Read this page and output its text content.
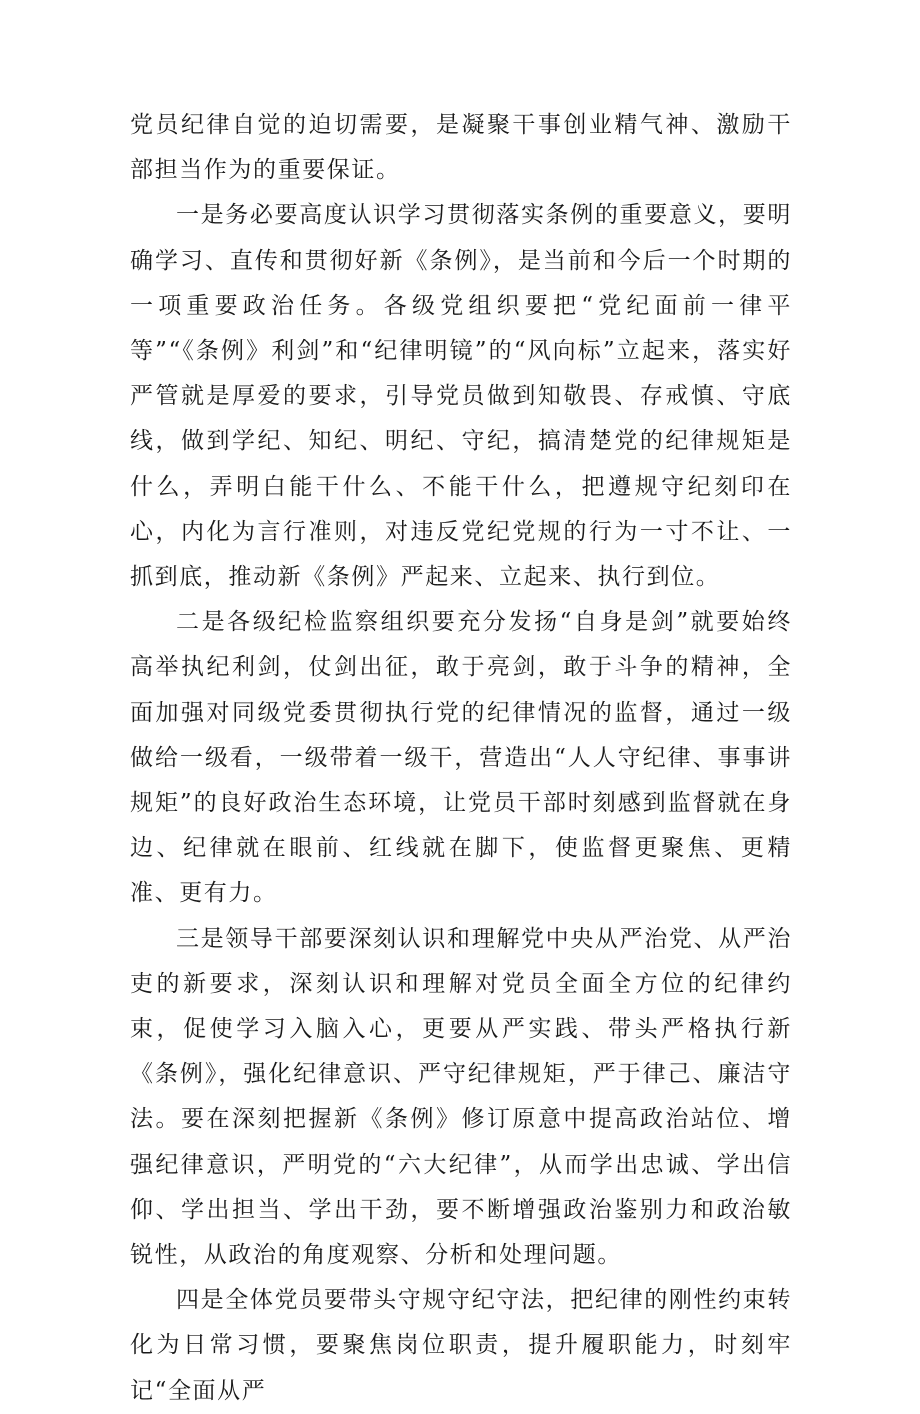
党员纪律自觉的迫切需要，是凝聚干事创业精气神、激励干部担当作为的重要保证。

一是务必要高度认识学习贯彻落实条例的重要意义，要明确学习、直传和贯彻好新《条例》，是当前和今后一个时期的一项重要政治任务。各级党组织要把“党纪面前一律平等”“《条例》利剑”和“纪律明镜”的“风向标”立起来，落实好严管就是厚爱的要求，引导党员做到知敬畏、存戒慎、守底线，做到学纪、知纪、明纪、守纪，搞清楚党的纪律规矩是什么，弄明白能干什么、不能干什么，把遵规守纪刻印在心，内化为言行准则，对违反党纪党规的行为一寸不让、一抓到底，推动新《条例》严起来、立起来、执行到位。

二是各级纪检监察组织要充分发扬“自身是剑”就要始终高举执纪利剑，仗剑出征，敢于亮剑，敢于斗争的精神，全面加强对同级党委贯彻执行党的纪律情况的监督，通过一级做给一级看，一级带着一级干，营造出“人人守纪律、事事讲规矩”的良好政治生态环境，让党员干部时刻感到监督就在身边、纪律就在眼前、红线就在脚下，使监督更聚焦、更精准、更有力。

三是领导干部要深刻认识和理解党中央从严治党、从严治吏的新要求，深刻认识和理解对党员全面全方位的纪律约束，促使学习入脑入心，更要从严实践、带头严格执行新《条例》，强化纪律意识、严守纪律规矩，严于律己、廉洁守法。要在深刻把握新《条例》修订原意中提高政治站位、增强纪律意识，严明党的“六大纪律”，从而学出忠诚、学出信仰、学出担当、学出干劲，要不断增强政治鉴别力和政治敏锐性，从政治的角度观察、分析和处理问题。

四是全体党员要带头守规守纪守法，把纪律的刚性约束转化为日常习惯，要聚焦岗位职责，提升履职能力，时刻牢记“全面从严
